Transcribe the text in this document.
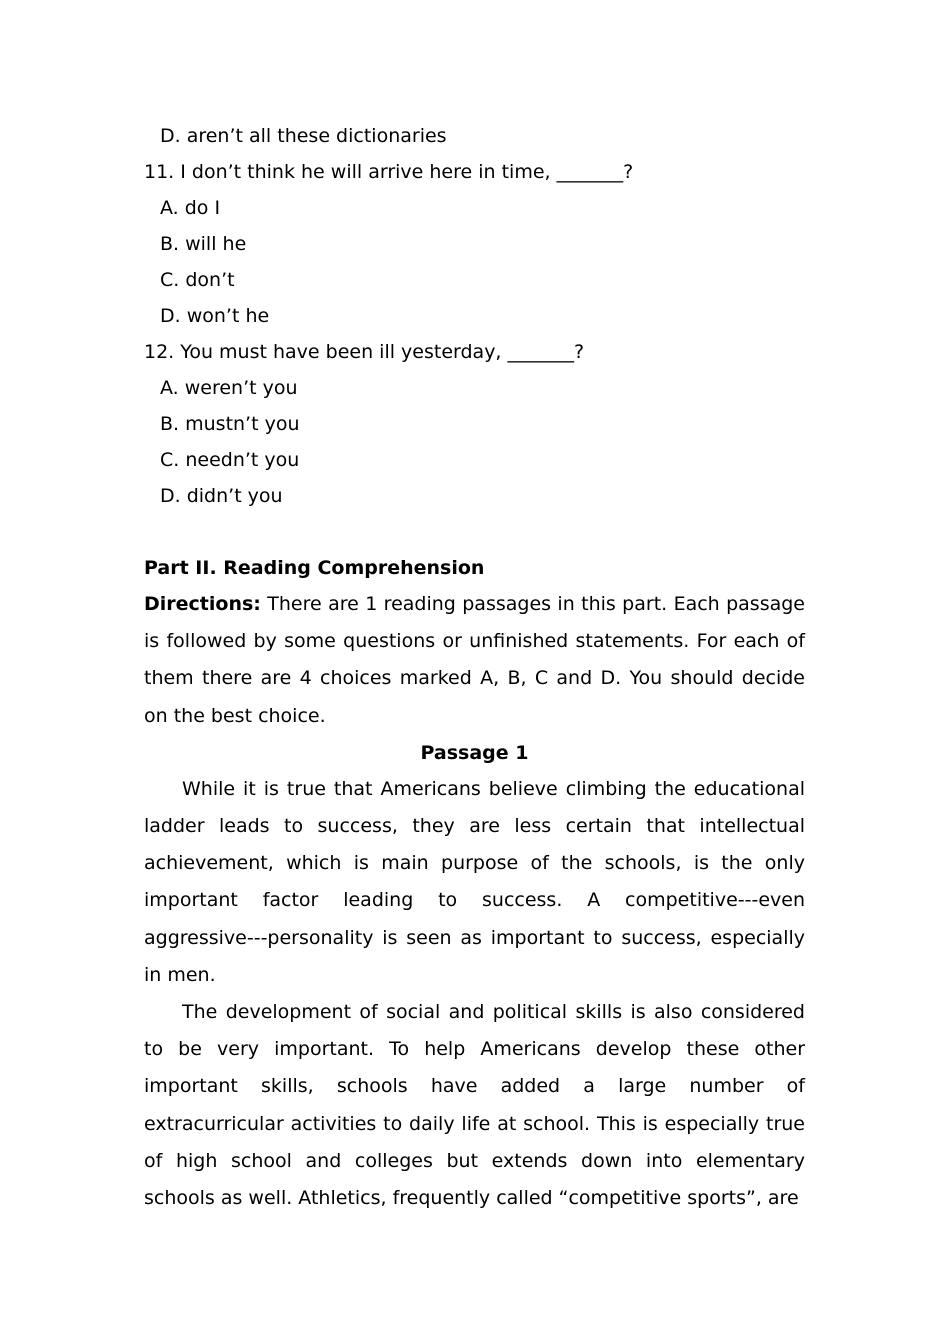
D. aren’t all these dictionaries
11. I don’t think he will arrive here in time, _______?
A. do I
B. will he
C. don’t
D. won’t he
12. You must have been ill yesterday, _______?
A. weren’t you
B. mustn’t you
C. needn’t you
D. didn’t you
Part II. Reading Comprehension
Directions: There are 1 reading passages in this part. Each passage is followed by some questions or unfinished statements. For each of them there are 4 choices marked A, B, C and D. You should decide on the best choice.
Passage 1
While it is true that Americans believe climbing the educational ladder leads to success, they are less certain that intellectual achievement, which is main purpose of the schools, is the only important factor leading to success. A competitive---even aggressive---personality is seen as important to success, especially in men.
The development of social and political skills is also considered to be very important. To help Americans develop these other important skills, schools have added a large number of extracurricular activities to daily life at school. This is especially true of high school and colleges but extends down into elementary schools as well. Athletics, frequently called “competitive sports”, are
